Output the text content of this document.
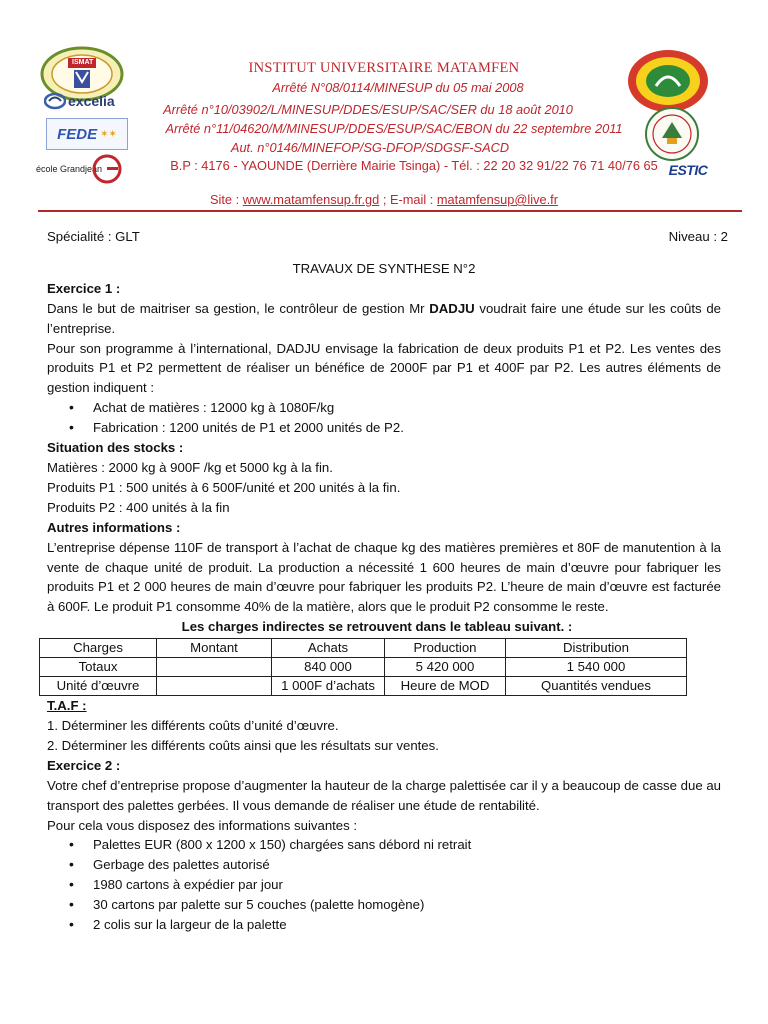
ISMAT
excelia
FEDE ✶✶
école Grandjean	ESTIC
INSTITUT UNIVERSITAIRE MATAMFEN
Arrêté N°08/0114/MINESUP du 05 mai 2008
Arrêté n°10/03902/L/MINESUP/DDES/ESUP/SAC/SER du 18 août 2010
Arrêté n°11/04620/M/MINESUP/DDES/ESUP/SAC/EBON du 22 septembre 2011
Aut. n°0146/MINEFOP/SG-DFOP/SDGSF-SACD
B.P : 4176 - YAOUNDE (Derrière Mairie Tsinga) - Tél. : 22 20 32 91/22 76 71 40/76 65
Site : www.matamfensup.fr.gd ; E-mail : matamfensup@live.fr
Spécialité : GLT	Niveau : 2

TRAVAUX DE SYNTHESE N°2

Exercice 1 :

Dans le but de maitriser sa gestion, le contrôleur de gestion Mr DADJU voudrait faire une étude sur les coûts de l’entreprise.

Pour son programme à l’international, DADJU envisage la fabrication de deux produits P1 et P2. Les ventes des produits P1 et P2 permettent de réaliser un bénéfice de 2000F par P1 et 400F par P2. Les autres éléments de gestion indiquent :

• Achat de matières : 12000 kg à 1080F/kg
• Fabrication : 1200 unités de P1 et 2000 unités de P2.

Situation des stocks :

Matières : 2000 kg à 900F /kg et 5000 kg à la fin.

Produits P1 : 500 unités à 6 500F/unité et 200 unités à la fin.

Produits P2 : 400 unités à la fin

Autres informations :

L’entreprise dépense 110F de transport à l’achat de chaque kg des matières premières et 80F de manutention à la vente de chaque unité de produit. La production a nécessité 1 600 heures de main d’œuvre pour fabriquer les produits P1 et 2 000 heures de main d’œuvre pour fabriquer les produits P2. L’heure de main d’œuvre est facturée à 600F. Le produit P1 consomme 40% de la matière, alors que le produit P2 consomme le reste.

Les charges indirectes se retrouvent dans le tableau suivant. :

Charges	Montant	Achats	Production	Distribution
Totaux		840 000	5 420 000	1 540 000
Unité d’œuvre		1 000F d’achats	Heure de MOD	Quantités vendues

T.A.F :

1. Déterminer les différents coûts d’unité d’œuvre.

2. Déterminer les différents coûts ainsi que les résultats sur ventes.

Exercice 2 :

Votre chef d’entreprise propose d’augmenter la hauteur de la charge palettisée car il y a beaucoup de casse due au transport des palettes gerbées. Il vous demande de réaliser une étude de rentabilité.

Pour cela vous disposez des informations suivantes :

• Palettes EUR (800 x 1200 x 150) chargées sans débord ni retrait
• Gerbage des palettes autorisé
• 1980 cartons à expédier par jour
• 30 cartons par palette sur 5 couches (palette homogène)
• 2 colis sur la largeur de la palette
